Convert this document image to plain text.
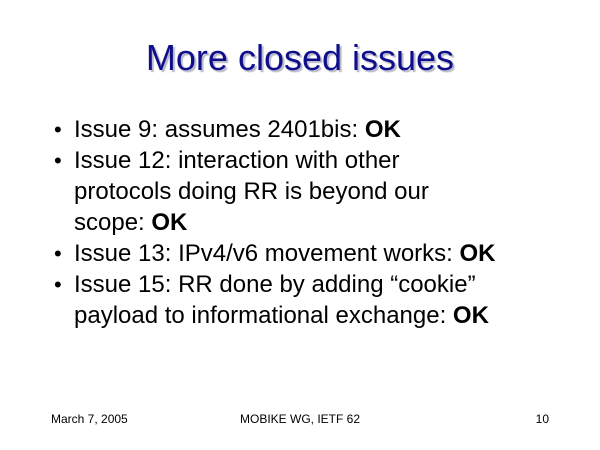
More closed issues
• Issue 9: assumes 2401bis: OK
• Issue 12: interaction with other
protocols doing RR is beyond our
scope: OK
• Issue 13: IPv4/v6 movement works: OK
• Issue 15: RR done by adding “cookie”
payload to informational exchange: OK
March 7, 2005	MOBIKE WG, IETF 62	10
